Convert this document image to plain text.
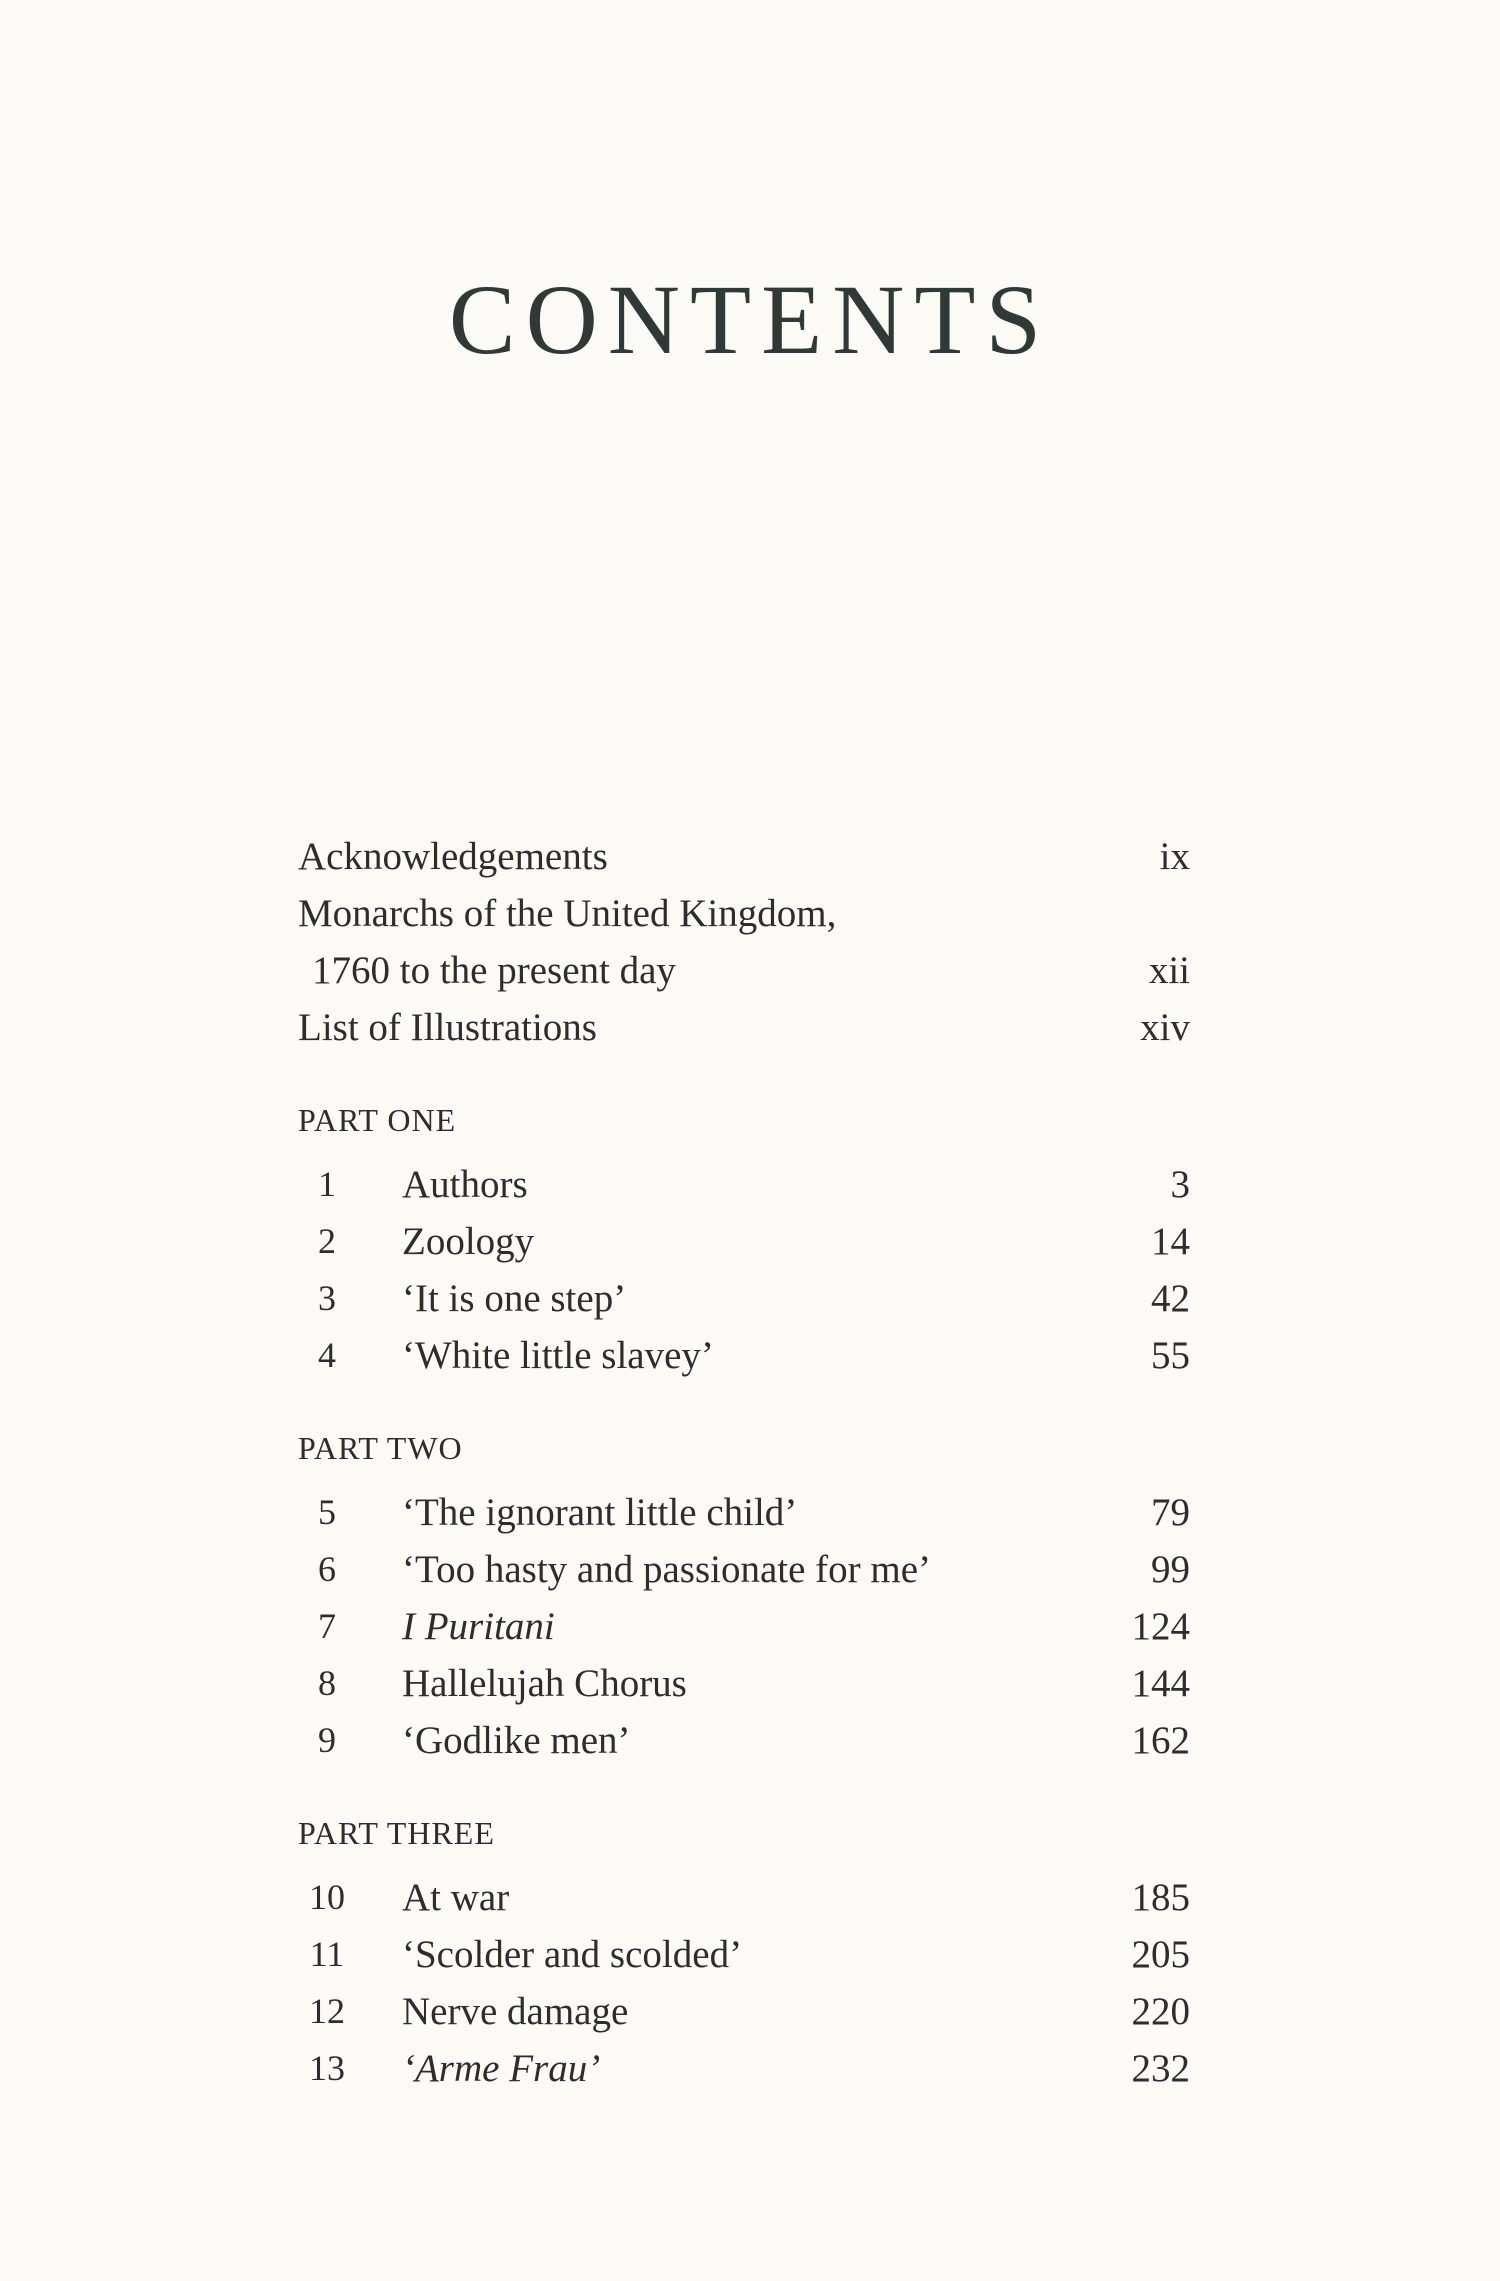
CONTENTS
Acknowledgements	ix
Monarchs of the United Kingdom,
1760 to the present day	xii
List of Illustrations	xiv
PART ONE
1	Authors	3
2	Zoology	14
3	‘It is one step’	42
4	‘White little slavey’	55
PART TWO
5	‘The ignorant little child’	79
6	‘Too hasty and passionate for me’	99
7	I Puritani	124
8	Hallelujah Chorus	144
9	‘Godlike men’	162
PART THREE
10 At war	185
11 ‘Scolder and scolded’	205
12 Nerve damage	220
13 ‘Arme Frau’	232
